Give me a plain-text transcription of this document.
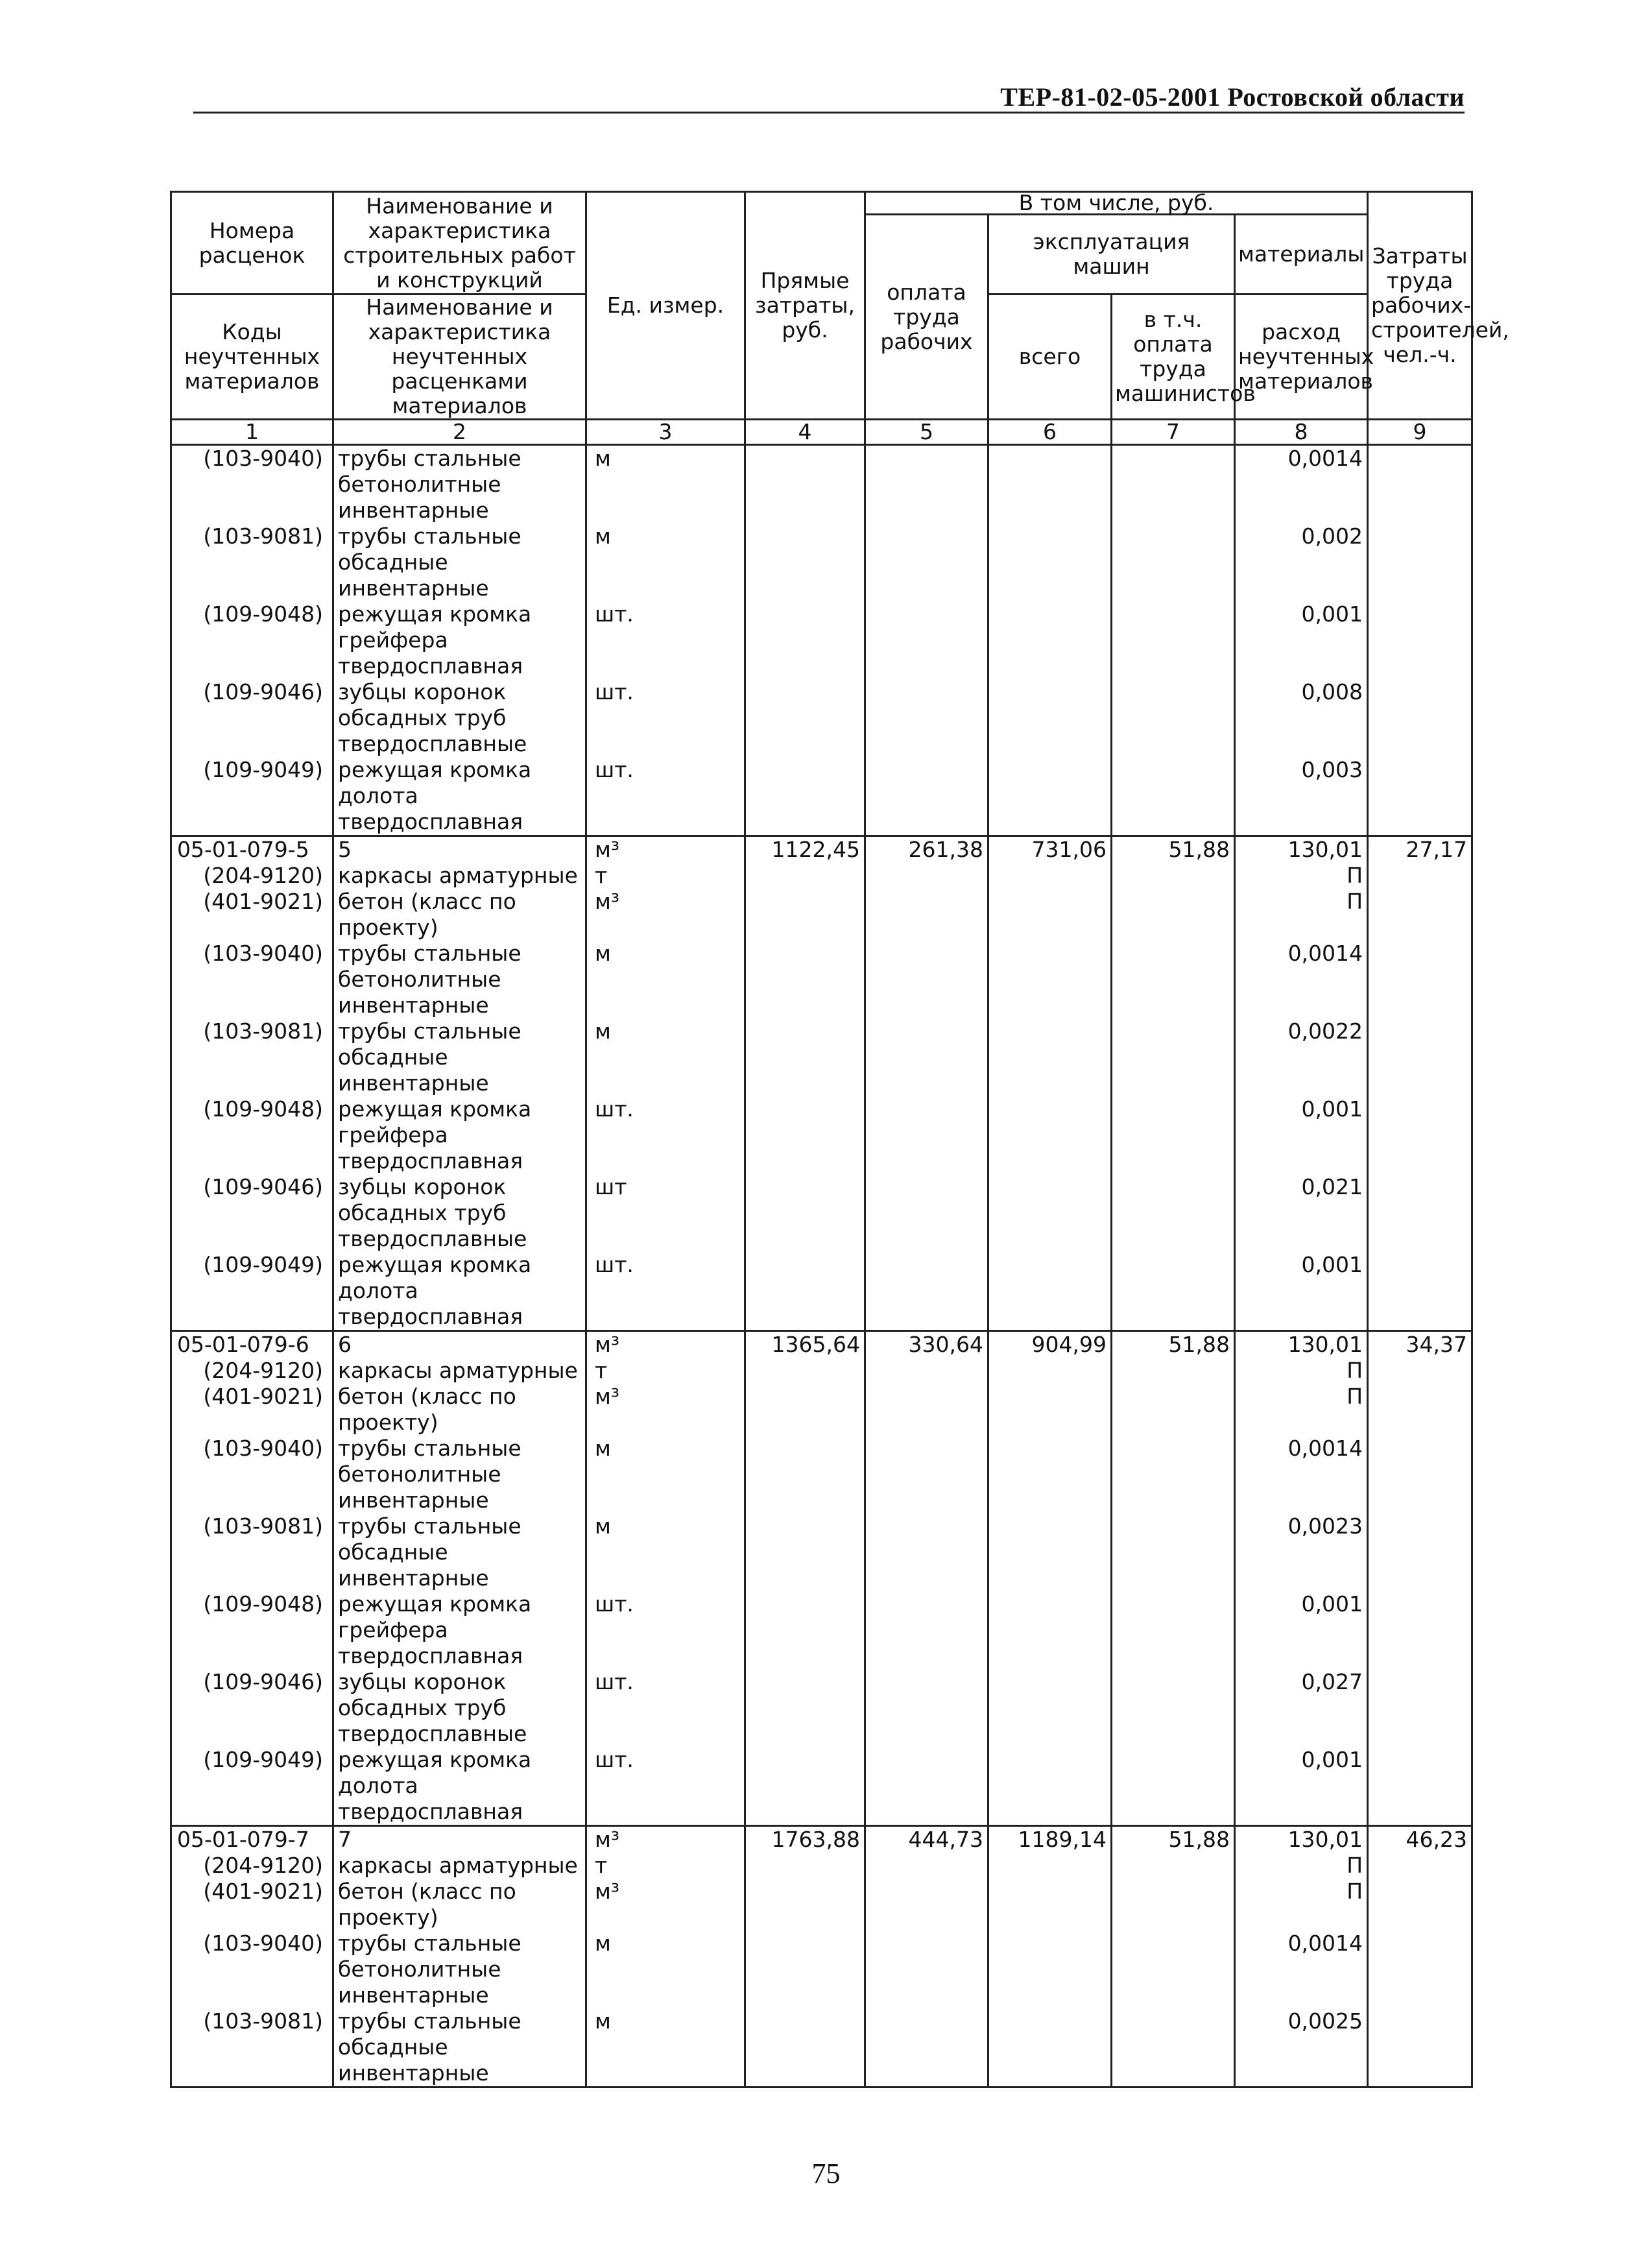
ТЕР-81-02-05-2001 Ростовской области
Номера расценок	Наименование и характеристика строительных работ и конструкций	Ед. измер.	Прямые затраты, руб.	В том числе, руб.				Затраты труда рабочих-строителей, чел.-ч.
				оплата труда рабочих	эксплуатация машин		материалы	
Коды неучтенных материалов	Наименование и характеристика неучтенных расценками материалов				всего	в т.ч. оплата труда машинистов	расход неучтенных материалов	

1	2	3	4	5	6	7	8	9
(103-9040)	трубы стальные бетонолитные инвентарные	м					0,0014	
(103-9081)	трубы стальные обсадные инвентарные	м					0,002	
(109-9048)	режущая кромка грейфера твердосплавная	шт.					0,001	
(109-9046)	зубцы коронок обсадных труб твердосплавные	шт.					0,008	
(109-9049)	режущая кромка долота твердосплавная	шт.					0,003	
05-01-079-5	5	м³	1122,45	261,38	731,06	51,88	130,01	27,17
(204-9120)	каркасы арматурные	т					П	
(401-9021)	бетон (класс по проекту)	м³					П	
(103-9040)	трубы стальные бетонолитные инвентарные	м					0,0014	
(103-9081)	трубы стальные обсадные инвентарные	м					0,0022	
(109-9048)	режущая кромка грейфера твердосплавная	шт.					0,001	
(109-9046)	зубцы коронок обсадных труб твердосплавные	шт					0,021	
(109-9049)	режущая кромка долота твердосплавная	шт.					0,001	
05-01-079-6	6	м³	1365,64	330,64	904,99	51,88	130,01	34,37
(204-9120)	каркасы арматурные	т					П	
(401-9021)	бетон (класс по проекту)	м³					П	
(103-9040)	трубы стальные бетонолитные инвентарные	м					0,0014	
(103-9081)	трубы стальные обсадные инвентарные	м					0,0023	
(109-9048)	режущая кромка грейфера твердосплавная	шт.					0,001	
(109-9046)	зубцы коронок обсадных труб твердосплавные	шт.					0,027	
(109-9049)	режущая кромка долота твердосплавная	шт.					0,001	
05-01-079-7	7	м³	1763,88	444,73	1189,14	51,88	130,01	46,23
(204-9120)	каркасы арматурные	т					П	
(401-9021)	бетон (класс по проекту)	м³					П	
(103-9040)	трубы стальные бетонолитные инвентарные	м					0,0014	
(103-9081)	трубы стальные обсадные инвентарные	м					0,0025	
75
